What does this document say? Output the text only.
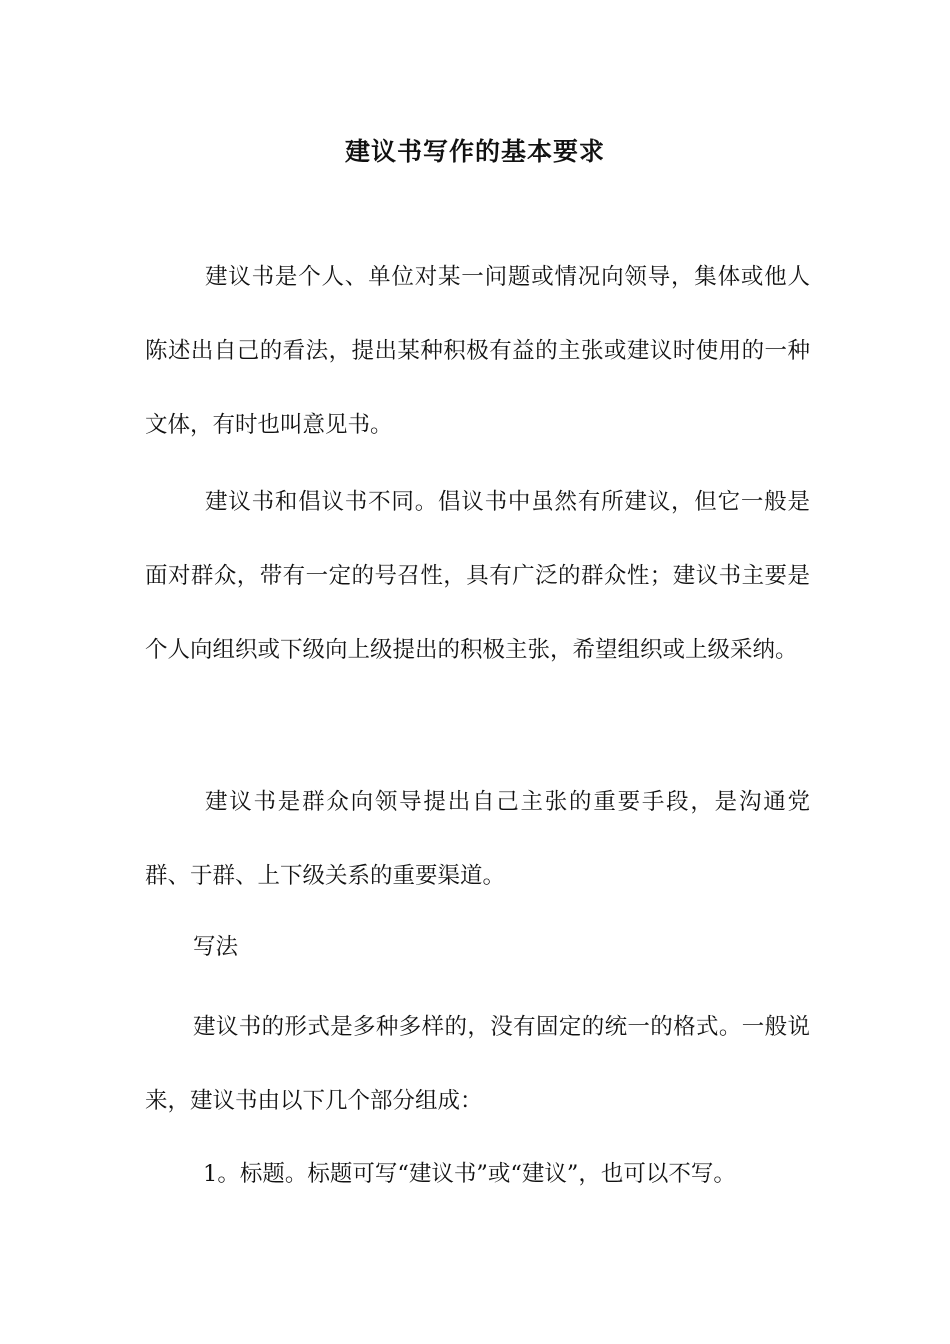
建议书写作的基本要求

建议书是个人、单位对某一问题或情况向领导，集体或他人陈述出自己的看法，提出某种积极有益的主张或建议时使用的一种文体，有时也叫意见书。

建议书和倡议书不同。倡议书中虽然有所建议，但它一般是面对群众，带有一定的号召性，具有广泛的群众性；建议书主要是个人向组织或下级向上级提出的积极主张，希望组织或上级采纳。

建议书是群众向领导提出自己主张的重要手段，是沟通党群、于群、上下级关系的重要渠道。

写法

建议书的形式是多种多样的，没有固定的统一的格式。一般说来，建议书由以下几个部分组成：

1。标题。标题可写“建议书”或“建议”，也可以不写。
